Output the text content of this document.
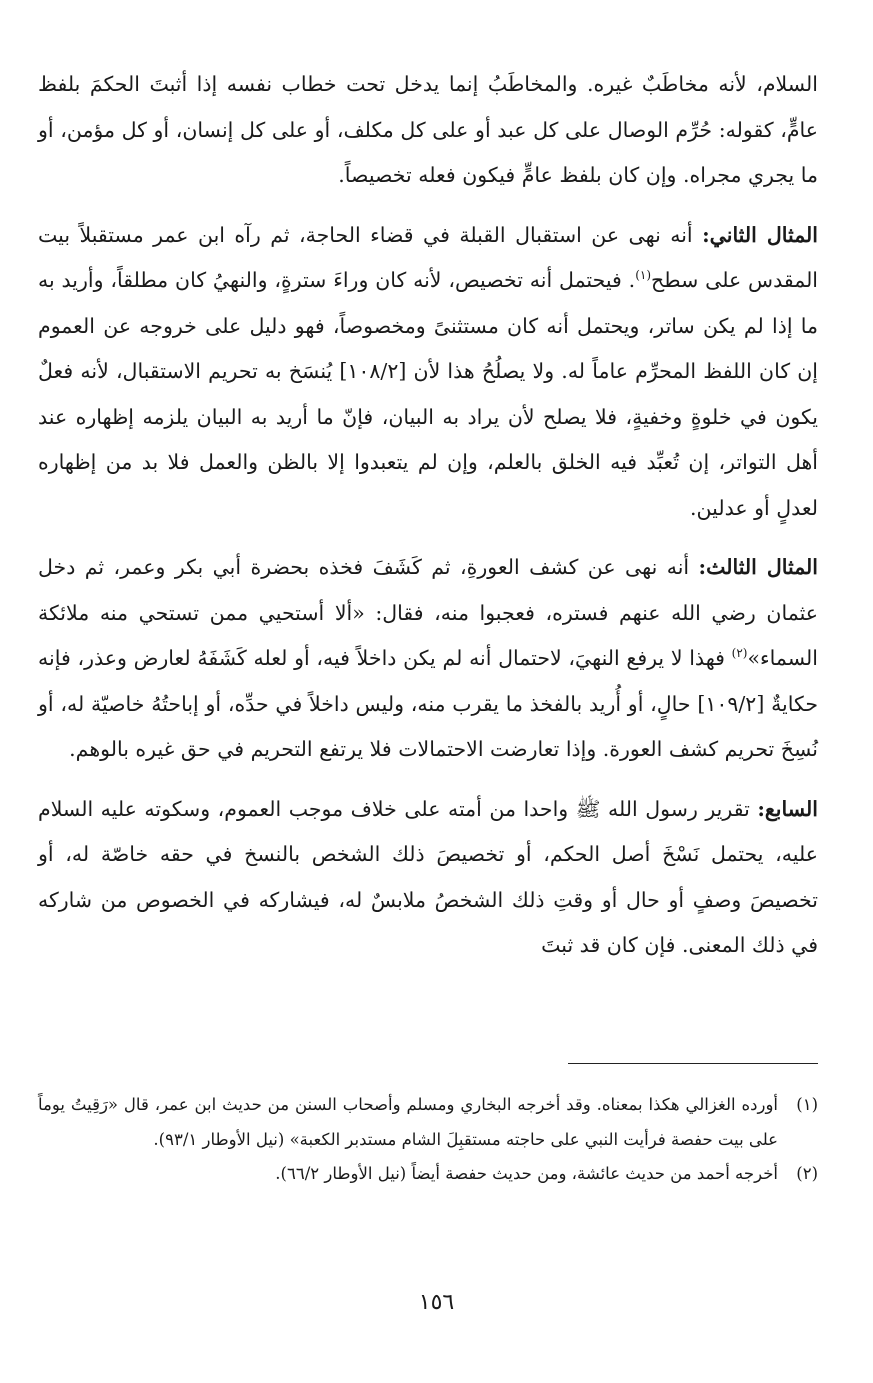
السلام، لأنه مخاطَبٌ غيره. والمخاطَبُ إنما يدخل تحت خطاب نفسه إذا أثبتَ الحكمَ بلفظ عامٍّ، كقوله: حُرِّم الوصال على كل عبد أو على كل مكلف، أو على كل إنسان، أو كل مؤمن، أو ما يجري مجراه. وإن كان بلفظ عامٍّ فيكون فعله تخصيصاً.

المثال الثاني: أنه نهى عن استقبال القبلة في قضاء الحاجة، ثم رآه ابن عمر مستقبلاً بيت المقدس على سطح$^{(١)}$. فيحتمل أنه تخصيص، لأنه كان وراءَ سترةٍ، والنهيُ كان مطلقاً، وأريد به ما إذا لم يكن ساتر، ويحتمل أنه كان مستثنىً ومخصوصاً، فهو دليل على خروجه عن العموم إن كان اللفظ المحرِّم عاماً له. ولا يصلُحُ هذا لأن [١٠٨/٢] يُنسَخ به تحريم الاستقبال، لأنه فعلٌ يكون في خلوةٍ وخفيةٍ، فلا يصلح لأن يراد به البيان، فإنّ ما أريد به البيان يلزمه إظهاره عند أهل التواتر، إن تُعبِّد فيه الخلق بالعلم، وإن لم يتعبدوا إلا بالظن والعمل فلا بد من إظهاره لعدلٍ أو عدلين.

المثال الثالث: أنه نهى عن كشف العورةِ، ثم كَشَفَ فخذه بحضرة أبي بكر وعمر، ثم دخل عثمان رضي الله عنهم فستره، فعجبوا منه، فقال: «ألا أستحيي ممن تستحي منه ملائكة السماء»$^{(٢)}$ فهذا لا يرفع النهيَ، لاحتمال أنه لم يكن داخلاً فيه، أو لعله كَشَفَهُ لعارض وعذر، فإنه حكايةٌ [١٠٩/٢] حالٍ، أو أُريد بالفخذ ما يقرب منه، وليس داخلاً في حدِّه، أو إباحتُهُ خاصيّة له، أو نُسِخَ تحريم كشف العورة. وإذا تعارضت الاحتمالات فلا يرتفع التحريم في حق غيره بالوهم.

السابع: تقرير رسول الله ﷺ واحدا من أمته على خلاف موجب العموم، وسكوته عليه السلام عليه، يحتمل نَسْخَ أصل الحكم، أو تخصيصَ ذلك الشخص بالنسخ في حقه خاصّة له، أو تخصيصَ وصفٍ أو حال أو وقتِ ذلك الشخصُ ملابسٌ له، فيشاركه في الخصوص من شاركه في ذلك المعنى. فإن كان قد ثبتَ

(١)
أورده الغزالي هكذا بمعناه. وقد أخرجه البخاري ومسلم وأصحاب السنن من حديث ابن عمر، قال «رَقِيتُ يوماً على بيت حفصة فرأيت النبي على حاجته مستقبِلَ الشام مستدبر الكعبة» (نيل الأوطار ٩٣/١).
(٢)
أخرجه أحمد من حديث عائشة، ومن حديث حفصة أيضاً (نيل الأوطار ٦٦/٢).
١٥٦
